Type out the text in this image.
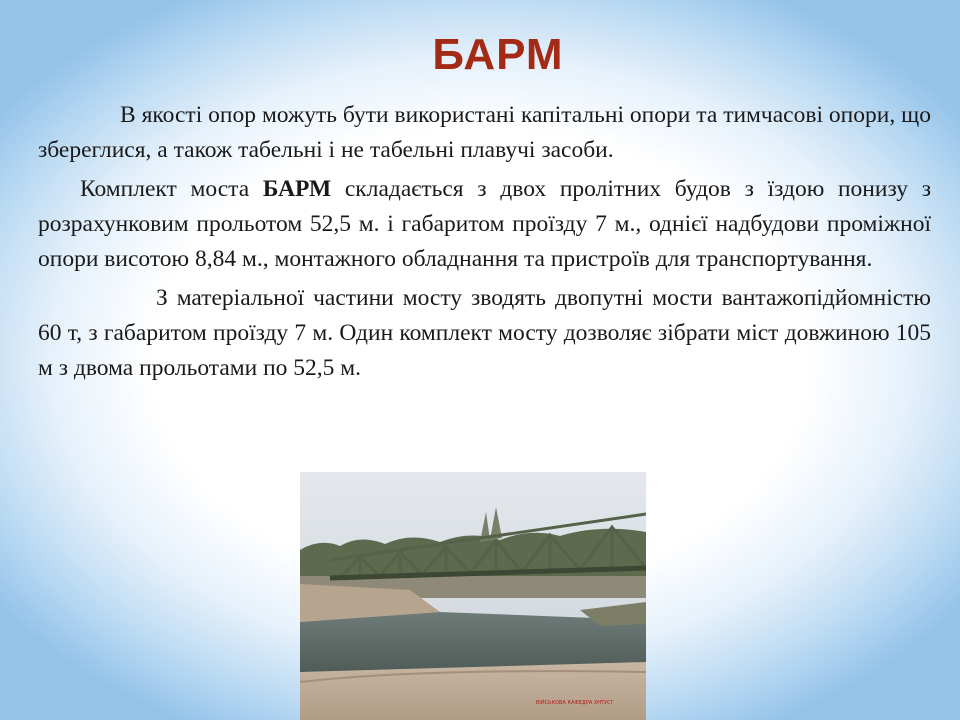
БАРМ

В якості опор можуть бути використані капітальні опори та тимчасові опори, що збереглися, а також табельні і не табельні плавучі засоби.

Комплект моста БАРМ складається з двох пролітних будов з їздою понизу з розрахунковим прольотом 52,5 м. і габаритом проїзду 7 м., однієї надбудови проміжної опори висотою 8,84 м., монтажного обладнання та пристроїв для транспортування.

З матеріальної частини мосту зводять двопутні мости вантажопідйомністю 60 т, з габаритом проїзду 7 м. Один комплект мосту дозволяє зібрати міст довжиною 105 м з двома прольотами по 52,5 м.

ВІЙСЬКОВА КАФЕДРА ХНТУСГ
